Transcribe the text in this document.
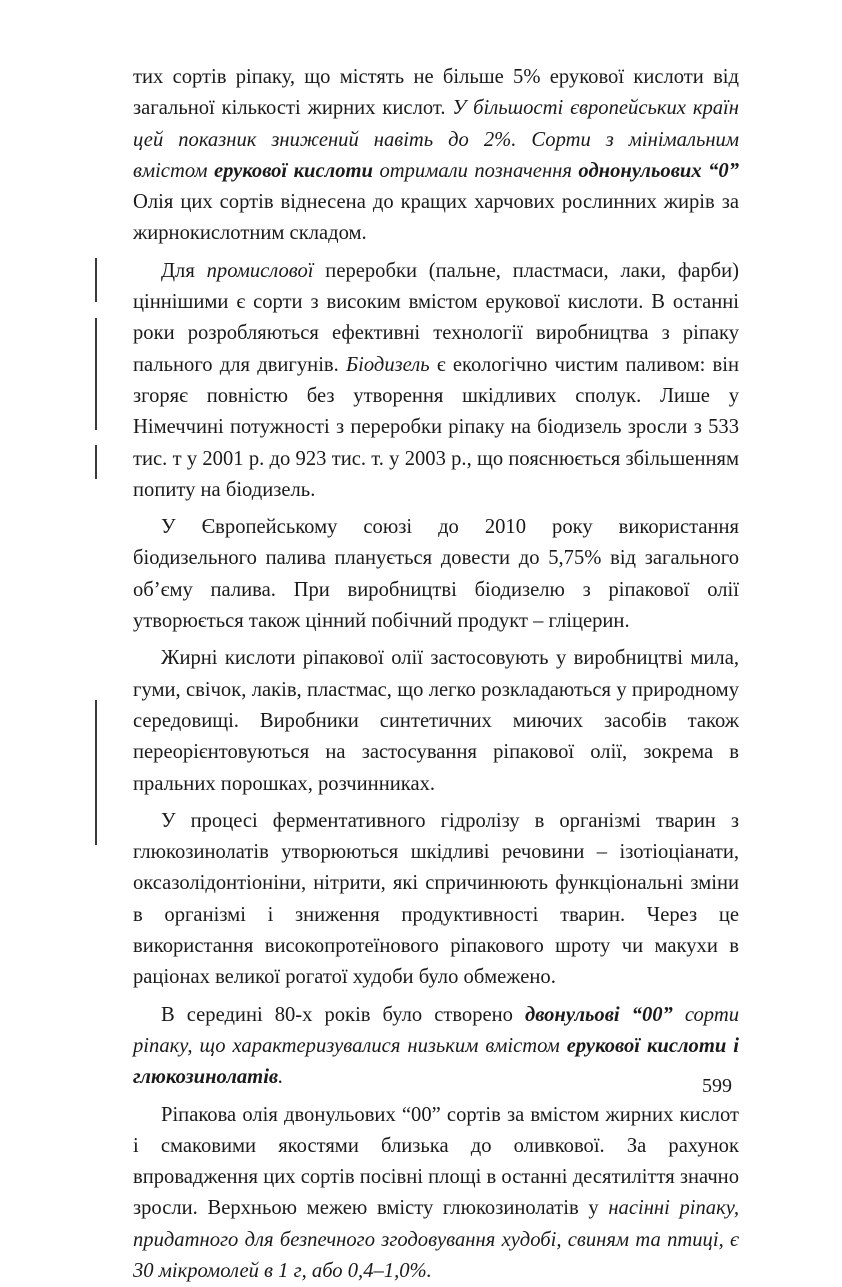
тих сортів ріпаку, що містять не більше 5% ерукової кислоти від загальної кількості жирних кислот. У більшості європейських країн цей показник знижений навіть до 2%. Сорти з мінімальним вмістом ерукової кислоти отримали позначення однонульових “0” Олія цих сортів віднесена до кращих харчових рослинних жирів за жирнокислотним складом.

Для промислової переробки (пальне, пластмаси, лаки, фарби) ціннішими є сорти з високим вмістом ерукової кислоти. В останні роки розробляються ефективні технології виробництва з ріпаку пального для двигунів. Біодизель є екологічно чистим паливом: він згоряє повністю без утворення шкідливих сполук. Лише у Німеччині потужності з переробки ріпаку на біодизель зросли з 533 тис. т у 2001 р. до 923 тис. т. у 2003 р., що пояснюється збільшенням попиту на біодизель.

У Європейському союзі до 2010 року використання біодизельного палива планується довести до 5,75% від загального об’єму палива. При виробництві біодизелю з ріпакової олії утворюється також цінний побічний продукт – гліцерин.

Жирні кислоти ріпакової олії застосовують у виробництві мила, гуми, свічок, лаків, пластмас, що легко розкладаються у природному середовищі. Виробники синтетичних миючих засобів також переорієнтовуються на застосування ріпакової олії, зокрема в пральних порошках, розчинниках.

У процесі ферментативного гідролізу в організмі тварин з глюкозинолатів утворюються шкідливі речовини – ізотіоціанати, оксазолідонтіоніни, нітрити, які спричинюють функціональні зміни в організмі і зниження продуктивності тварин. Через це використання високопротеїнового ріпакового шроту чи макухи в раціонах великої рогатої худоби було обмежено.

В середині 80-х років було створено двонульові “00” сорти ріпаку, що характеризувалися низьким вмістом ерукової кислоти і глюкозинолатів.

Ріпакова олія двонульових “00” сортів за вмістом жирних кислот і смаковими якостями близька до оливкової. За рахунок впровадження цих сортів посівні площі в останні десятиліття значно зросли. Верхньою межею вмісту глюкозинолатів у насінні ріпаку, придатного для безпечного згодовування худобі, свиням та птиці, є 30 мікромолей в 1 г, або 0,4–1,0%.

599
